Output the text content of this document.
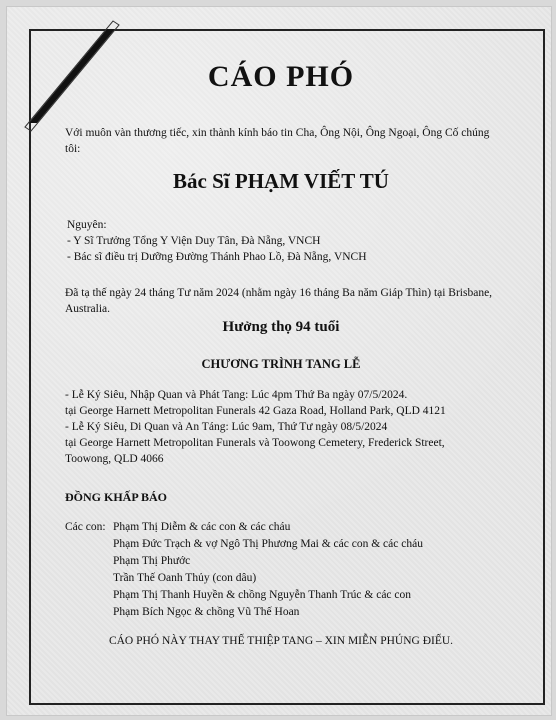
CÁO PHÓ
Với muôn vàn thương tiếc, xin thành kính báo tin Cha, Ông Nội, Ông Ngoại, Ông Cố chúng tôi:
Bác Sĩ PHẠM VIẾT TÚ
Nguyên:
- Y Sĩ Trưởng Tổng Y Viện Duy Tân, Đà Nẵng, VNCH
- Bác sĩ điều trị Dưỡng Đường Thánh Phao Lồ, Đà Nẵng, VNCH
Đã tạ thế ngày 24 tháng Tư năm 2024 (nhằm ngày 16 tháng Ba năm Giáp Thìn) tại Brisbane, Australia.
Hưởng thọ 94 tuổi
CHƯƠNG TRÌNH TANG LỄ
- Lễ Ký Siêu, Nhập Quan và Phát Tang: Lúc 4pm Thứ Ba ngày 07/5/2024.
tại George Harnett Metropolitan Funerals 42 Gaza Road, Holland Park, QLD 4121
- Lễ Ký Siêu, Di Quan và An Táng: Lúc 9am, Thứ Tư ngày 08/5/2024
tại George Harnett Metropolitan Funerals và Toowong Cemetery, Frederick Street,
Toowong, QLD 4066
ĐỒNG KHẤP BÁO
Các con: Phạm Thị Diễm & các con & các cháu
Phạm Đức Trạch & vợ Ngô Thị Phương Mai & các con & các cháu
Phạm Thị Phước
Trần Thế Oanh Thủy (con dâu)
Phạm Thị Thanh Huyền & chồng Nguyễn Thanh Trúc & các con
Phạm Bích Ngọc & chồng Vũ Thế Hoan
CÁO PHÓ NÀY THAY THẾ THIỆP TANG – XIN MIỄN PHÚNG ĐIẾU.
